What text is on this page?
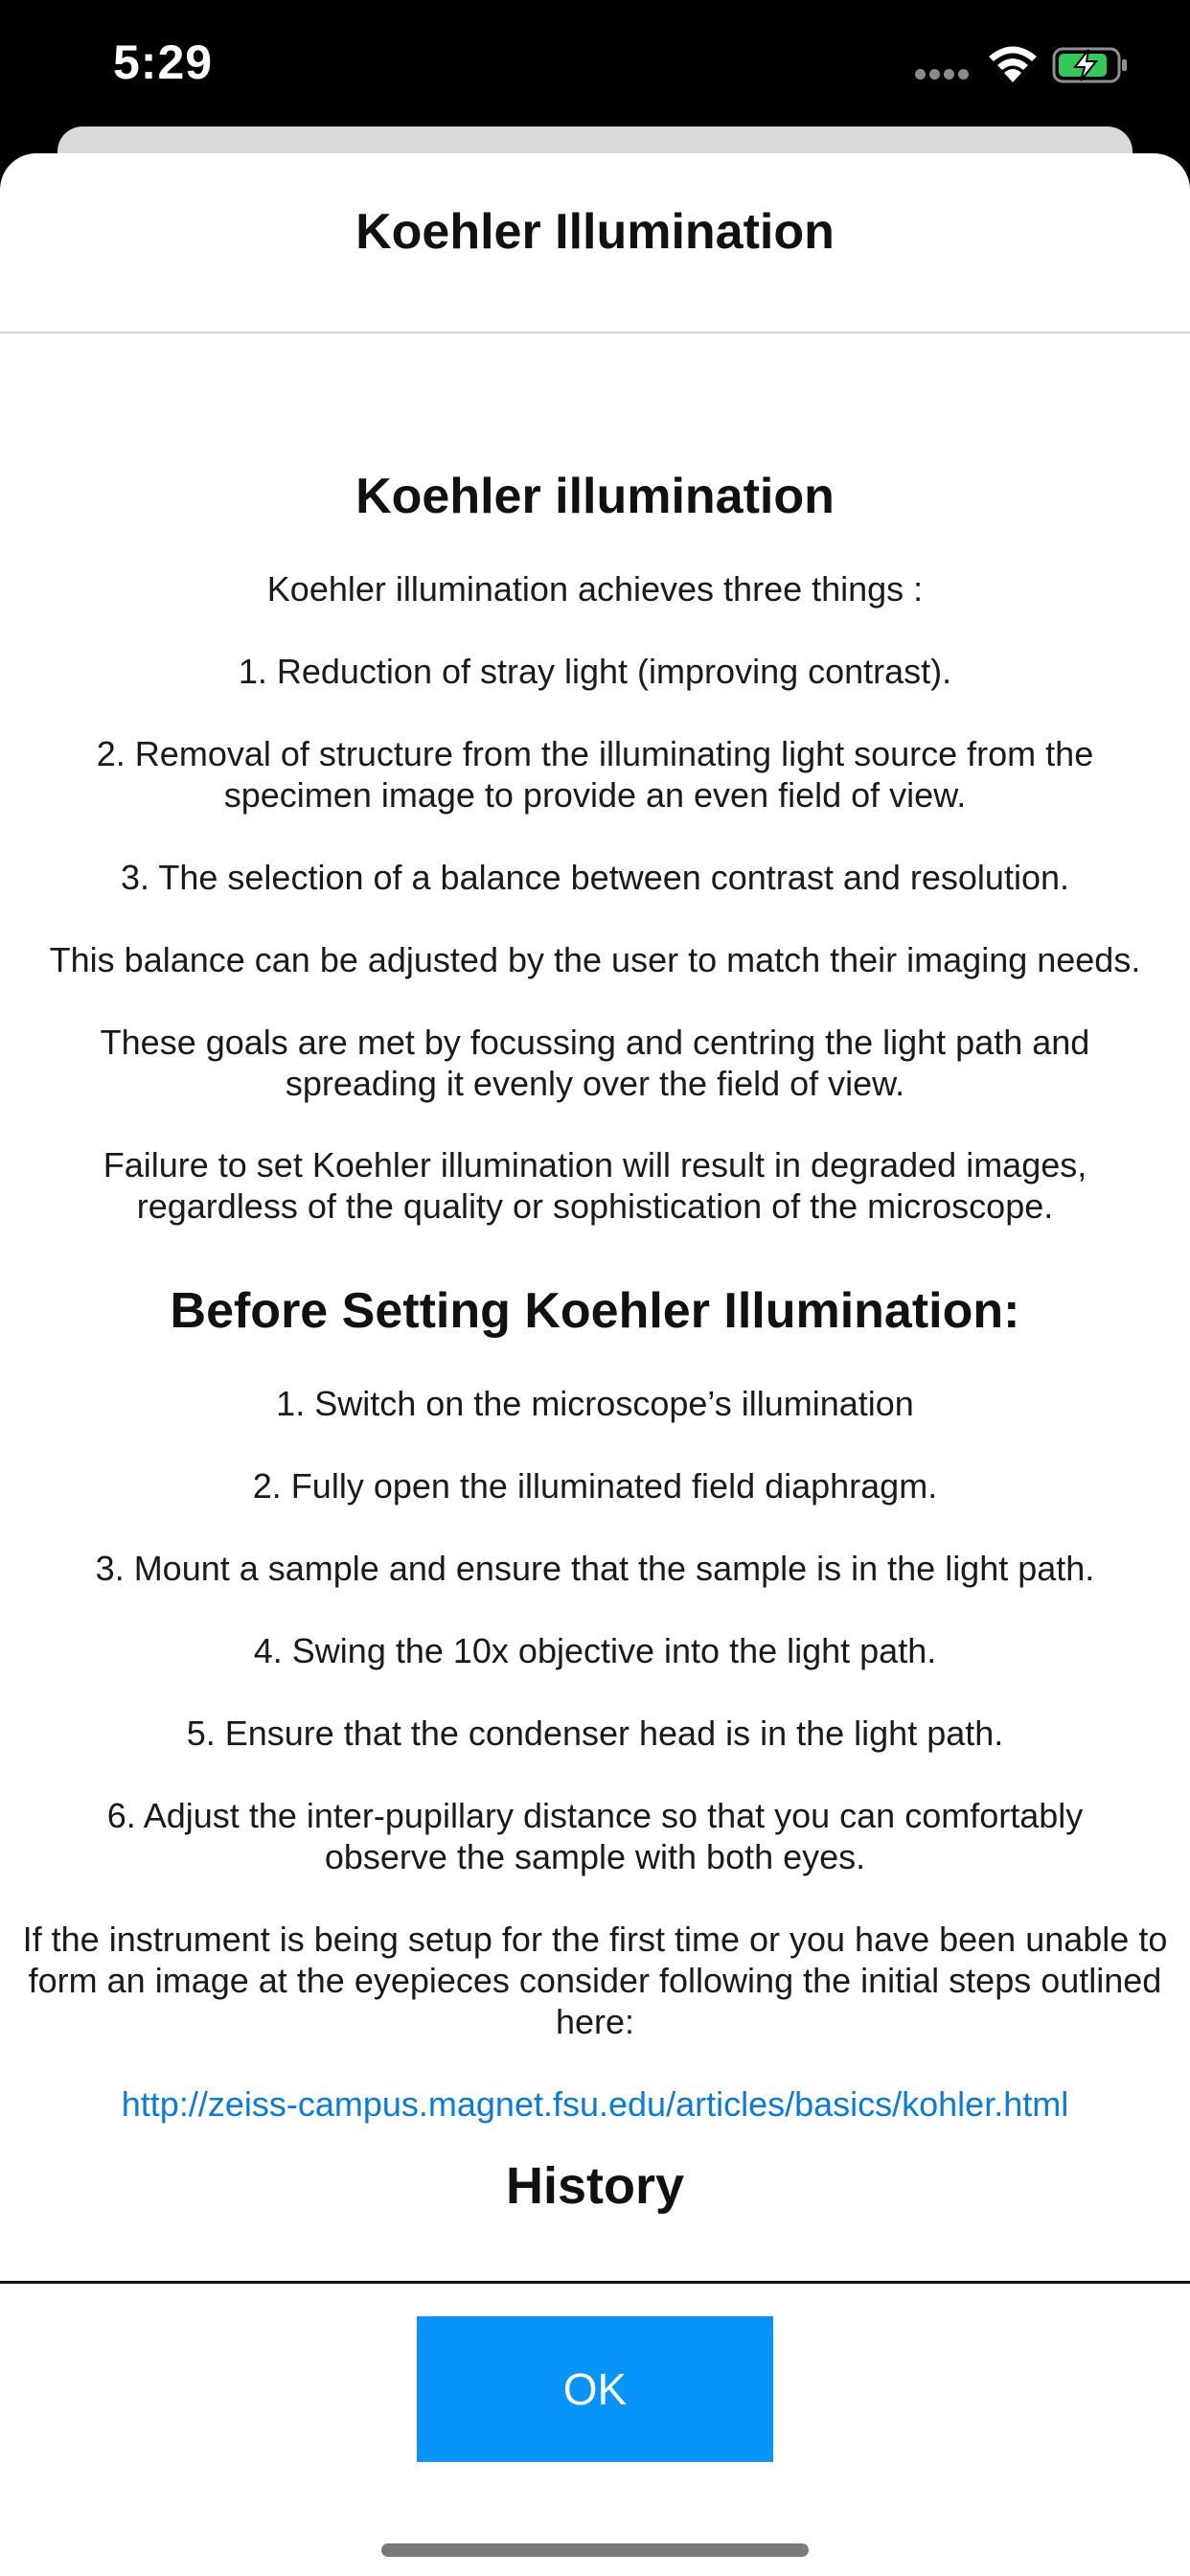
5:29
Koehler Illumination
Koehler illumination
Koehler illumination achieves three things :
1. Reduction of stray light (improving contrast).
2. Removal of structure from the illuminating light source from the specimen image to provide an even field of view.
3. The selection of a balance between contrast and resolution.
This balance can be adjusted by the user to match their imaging needs.
These goals are met by focussing and centring the light path and spreading it evenly over the field of view.
Failure to set Koehler illumination will result in degraded images, regardless of the quality or sophistication of the microscope.
Before Setting Koehler Illumination:
1. Switch on the microscope’s illumination
2. Fully open the illuminated field diaphragm.
3. Mount a sample and ensure that the sample is in the light path.
4. Swing the 10x objective into the light path.
5. Ensure that the condenser head is in the light path.
6. Adjust the inter-pupillary distance so that you can comfortably observe the sample with both eyes.
If the instrument is being setup for the first time or you have been unable to form an image at the eyepieces consider following the initial steps outlined here:
http://zeiss-campus.magnet.fsu.edu/articles/basics/kohler.html
History
OK
